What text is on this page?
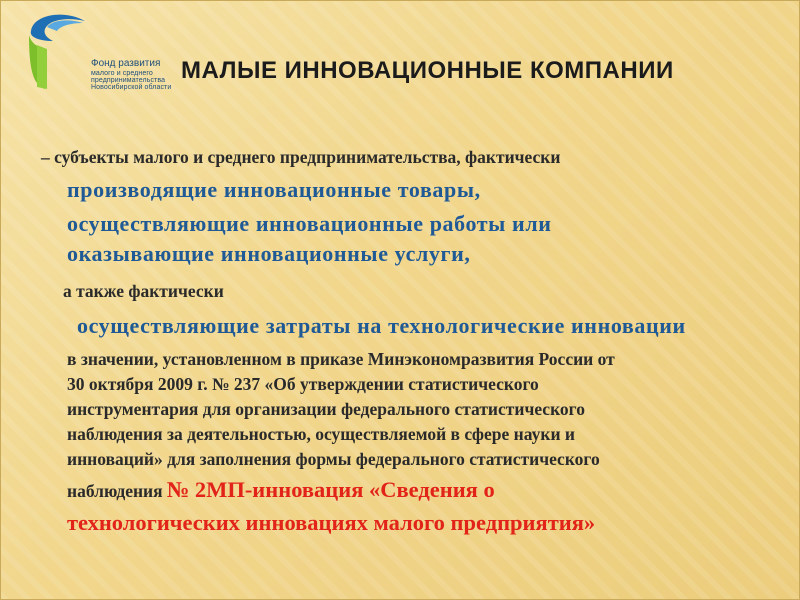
Фонд развития
малого и среднего
предпринимательства
Новосибирской области
МАЛЫЕ ИННОВАЦИОННЫЕ КОМПАНИИ
– субъекты малого и среднего предпринимательства, фактически
производящие инновационные товары,
осуществляющие инновационные работы или
оказывающие инновационные услуги,
а также фактически
осуществляющие затраты на технологические инновации
в значении, установленном в приказе Минэкономразвития России от
30 октября 2009 г. № 237 «Об утверждении статистического
инструментария для организации федерального статистического
наблюдения за деятельностью, осуществляемой в сфере науки и
инноваций» для заполнения формы федерального статистического
наблюдения № 2МП-инновация «Сведения о
технологических инновациях малого предприятия»
